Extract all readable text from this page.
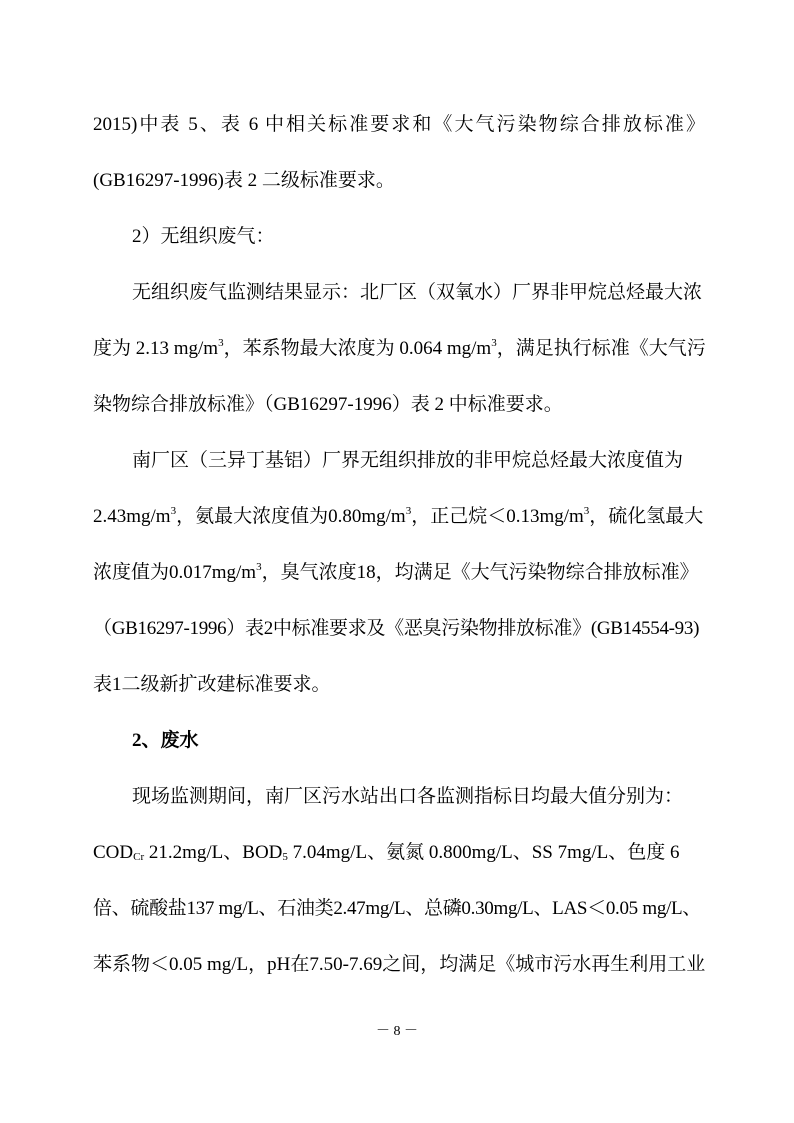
2015)中表 5、表 6 中相关标准要求和《大气污染物综合排放标准》
(GB16297-1996)表 2 二级标准要求。
2）无组织废气：
无组织废气监测结果显示：北厂区（双氧水）厂界非甲烷总烃最大浓
度为 2.13 $mg/m^3$，苯系物最大浓度为 0.064 $mg/m^3$，满足执行标准《大气污
染物综合排放标准》（GB16297-1996）表 2 中标准要求。
南厂区（三异丁基铝）厂界无组织排放的非甲烷总烃最大浓度值为
$2.43mg/m^3$，氨最大浓度值为$0.80mg/m^3$，正己烷$<0.13mg/m^3$，硫化氢最大
浓度值为$0.017mg/m^3$，臭气浓度18，均满足《大气污染物综合排放标准》
（GB16297-1996）表2中标准要求及《恶臭污染物排放标准》(GB14554-93)
表1二级新扩改建标准要求。
2、废水
现场监测期间，南厂区污水站出口各监测指标日均最大值分别为：
$COD_{Cr}$ 21.2mg/L、$BOD_5$ 7.04mg/L、氨氮 0.800mg/L、SS 7mg/L、色度 6
倍、硫酸盐137 mg/L、石油类2.47mg/L、总磷0.30mg/L、LAS＜0.05 mg/L、
苯系物＜0.05 mg/L，pH在7.50-7.69之间，均满足《城市污水再生利用工业
－ 8 －
